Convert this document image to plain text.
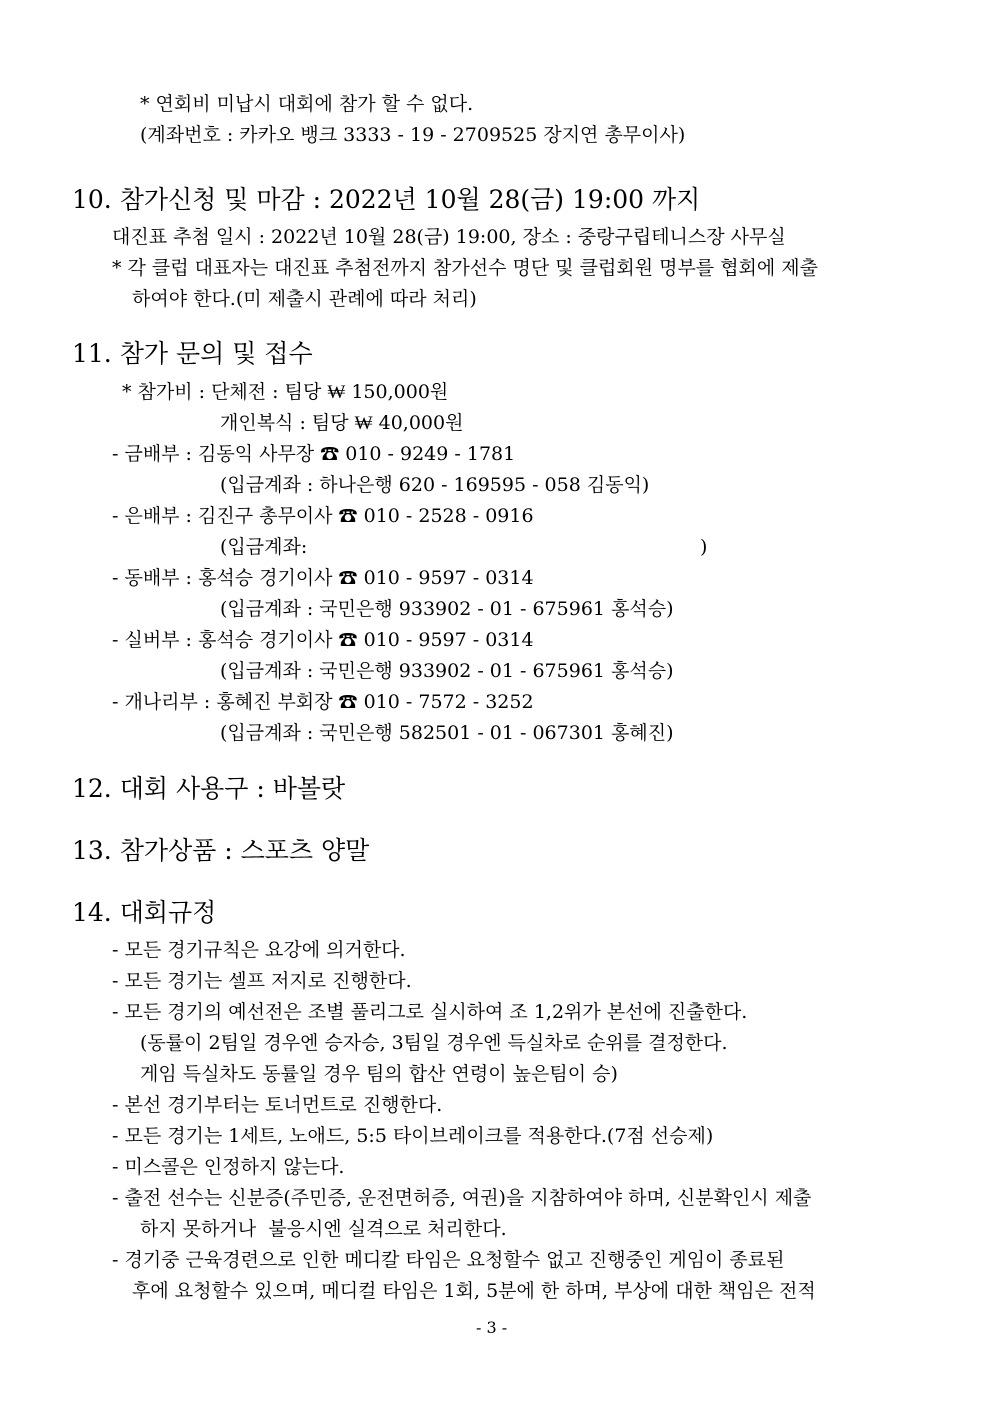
* 연회비 미납시 대회에 참가 할 수 없다.
(계좌번호 : 카카오 뱅크 3333 - 19 - 2709525 장지연 총무이사)
10. 참가신청 및 마감 : 2022년 10월 28(금) 19:00 까지
대진표 추첨 일시 : 2022년 10월 28(금) 19:00, 장소 : 중랑구립테니스장 사무실
* 각 클럽 대표자는 대진표 추첨전까지 참가선수 명단 및 클럽회원 명부를 협회에 제출
하여야 한다.(미 제출시 관례에 따라 처리)
11. 참가 문의 및 접수
* 참가비 : 단체전 : 팀당 ₩ 150,000원
개인복식 : 팀당 ₩ 40,000원
- 금배부 : 김동익 사무장 ☎ 010 - 9249 - 1781
(입금계좌 : 하나은행 620 - 169595 - 058 김동익)
- 은배부 : 김진구 총무이사 ☎ 010 - 2528 - 0916
(입금계좌:	)
- 동배부 : 홍석승 경기이사 ☎ 010 - 9597 - 0314
(입금계좌 : 국민은행 933902 - 01 - 675961 홍석승)
- 실버부 : 홍석승 경기이사 ☎ 010 - 9597 - 0314
(입금계좌 : 국민은행 933902 - 01 - 675961 홍석승)
- 개나리부 : 홍혜진 부회장 ☎ 010 - 7572 - 3252
(입금계좌 : 국민은행 582501 - 01 - 067301 홍혜진)
12. 대회 사용구 : 바볼랏
13. 참가상품 : 스포츠 양말
14. 대회규정
- 모든 경기규칙은 요강에 의거한다.
- 모든 경기는 셀프 저지로 진행한다.
- 모든 경기의 예선전은 조별 풀리그로 실시하여 조 1,2위가 본선에 진출한다.
(동률이 2팀일 경우엔 승자승, 3팀일 경우엔 득실차로 순위를 결정한다.
게임 득실차도 동률일 경우 팀의 합산 연령이 높은팀이 승)
- 본선 경기부터는 토너먼트로 진행한다.
- 모든 경기는 1세트, 노애드, 5:5 타이브레이크를 적용한다.(7점 선승제)
- 미스콜은 인정하지 않는다.
- 출전 선수는 신분증(주민증, 운전면허증, 여권)을 지참하여야 하며, 신분확인시 제출
하지 못하거나  불응시엔 실격으로 처리한다.
- 경기중 근육경련으로 인한 메디칼 타임은 요청할수 없고 진행중인 게임이 종료된
후에 요청할수 있으며, 메디컬 타임은 1회, 5분에 한 하며, 부상에 대한 책임은 전적
- 3 -
